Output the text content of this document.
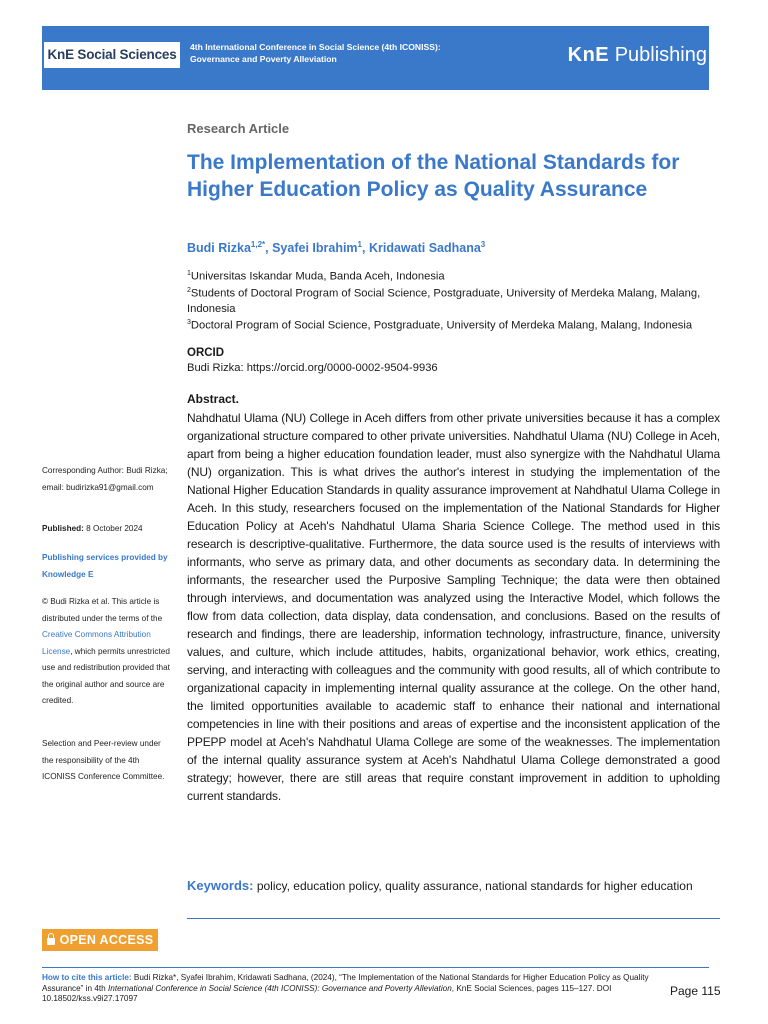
KnE Social Sciences	4th International Conference in Social Science (4th ICONISS):
Governance and Poverty Alleviation	KnE Publishing
Research Article
The Implementation of the National Standards for Higher Education Policy as Quality Assurance
Budi Rizka$^{1,2*}$, Syafei Ibrahim$^1$, Kridawati Sadhana$^3$
$^1$Universitas Iskandar Muda, Banda Aceh, Indonesia
$^2$Students of Doctoral Program of Social Science, Postgraduate, University of Merdeka Malang, Malang, Indonesia
$^3$Doctoral Program of Social Science, Postgraduate, University of Merdeka Malang, Malang, Indonesia
ORCID
Budi Rizka: https://orcid.org/0000-0002-9504-9936
Abstract.

Nahdhatul Ulama (NU) College in Aceh differs from other private universities because it has a complex organizational structure compared to other private universities. Nahdhatul Ulama (NU) College in Aceh, apart from being a higher education foundation leader, must also synergize with the Nahdhatul Ulama (NU) organization. This is what drives the author's interest in studying the implementation of the National Higher Education Standards in quality assurance improvement at Nahdhatul Ulama College in Aceh. In this study, researchers focused on the implementation of the National Standards for Higher Education Policy at Aceh's Nahdhatul Ulama Sharia Science College. The method used in this research is descriptive-qualitative. Furthermore, the data source used is the results of interviews with informants, who serve as primary data, and other documents as secondary data. In determining the informants, the researcher used the Purposive Sampling Technique; the data were then obtained through interviews, and documentation was analyzed using the Interactive Model, which follows the flow from data collection, data display, data condensation, and conclusions. Based on the results of research and findings, there are leadership, information technology, infrastructure, finance, university values, and culture, which include attitudes, habits, organizational behavior, work ethics, creating, serving, and interacting with colleagues and the community with good results, all of which contribute to organizational capacity in implementing internal quality assurance at the college. On the other hand, the limited opportunities available to academic staff to enhance their national and international competencies in line with their positions and areas of expertise and the inconsistent application of the PPEPP model at Aceh's Nahdhatul Ulama College are some of the weaknesses. The implementation of the internal quality assurance system at Aceh's Nahdhatul Ulama College demonstrated a good strategy; however, there are still areas that require constant improvement in addition to upholding current standards.

Keywords: policy, education policy, quality assurance, national standards for higher education
Corresponding Author: Budi Rizka; email: budirizka91@gmail.com
Published: 8 October 2024
Publishing services provided by Knowledge E
© Budi Rizka et al. This article is distributed under the terms of the Creative Commons Attribution License, which permits unrestricted use and redistribution provided that the original author and source are credited.
Selection and Peer-review under the responsibility of the 4th ICONISS Conference Committee.
OPEN ACCESS
How to cite this article: Budi Rizka*, Syafei Ibrahim, Kridawati Sadhana, (2024), “The Implementation of the National Standards for Higher Education Policy as Quality Assurance” in 4th International Conference in Social Science (4th ICONISS): Governance and Poverty Alleviation, KnE Social Sciences, pages 115–127. DOI 10.18502/kss.v9i27.17097
Page 115
